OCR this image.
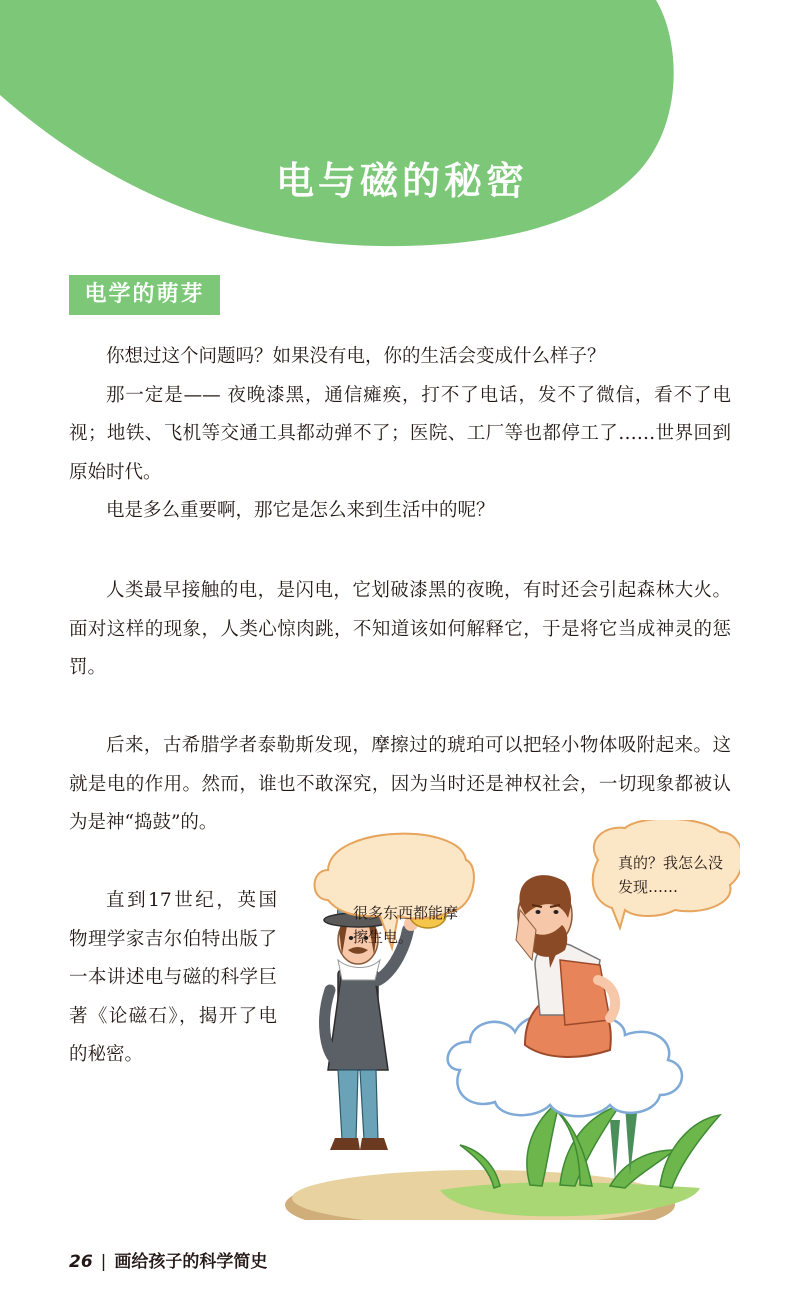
电与磁的秘密
电学的萌芽

你想过这个问题吗？如果没有电，你的生活会变成什么样子？

那一定是—— 夜晚漆黑，通信瘫痪，打不了电话，发不了微信，看不了电视；地铁、飞机等交通工具都动弹不了；医院、工厂等也都停工了……世界回到原始时代。

电是多么重要啊，那它是怎么来到生活中的呢？

人类最早接触的电，是闪电，它划破漆黑的夜晚，有时还会引起森林大火。面对这样的现象，人类心惊肉跳，不知道该如何解释它，于是将它当成神灵的惩罚。

后来，古希腊学者泰勒斯发现，摩擦过的琥珀可以把轻小物体吸附起来。这就是电的作用。然而，谁也不敢深究，因为当时还是神权社会，一切现象都被认为是神“捣鼓”的。

直到17世纪，英国物理学家吉尔伯特出版了一本讲述电与磁的科学巨著《论磁石》，揭开了电的秘密。

很多东西都能摩擦生电。
真的？我怎么没发现……
26 | 画给孩子的科学简史
